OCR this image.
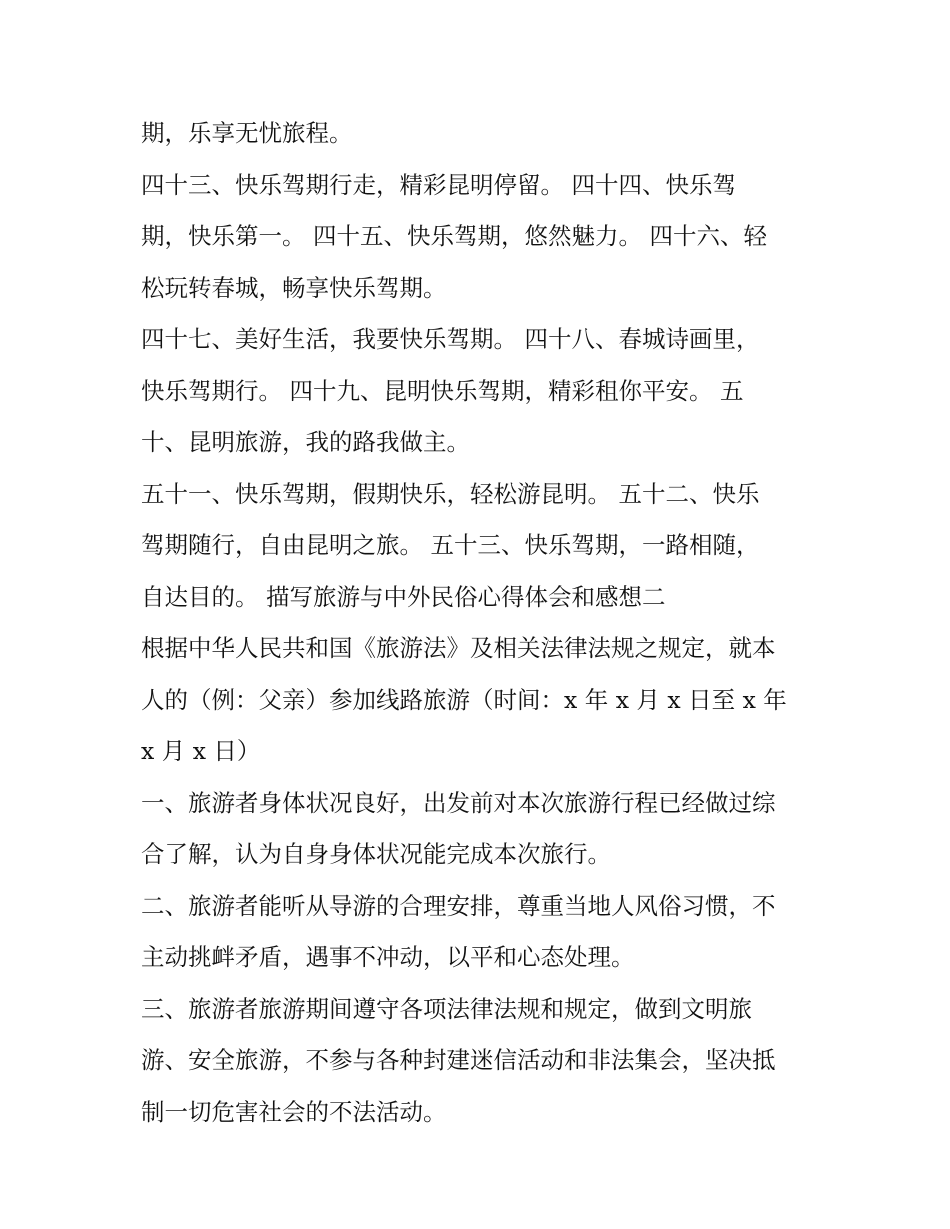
期，乐享无忧旅程。
四十三、快乐驾期行走，精彩昆明停留。 四十四、快乐驾
期，快乐第一。 四十五、快乐驾期，悠然魅力。 四十六、轻
松玩转春城，畅享快乐驾期。
四十七、美好生活，我要快乐驾期。 四十八、春城诗画里，
快乐驾期行。 四十九、昆明快乐驾期，精彩租你平安。 五
十、昆明旅游，我的路我做主。
五十一、快乐驾期，假期快乐，轻松游昆明。 五十二、快乐
驾期随行，自由昆明之旅。 五十三、快乐驾期，一路相随，
自达目的。 描写旅游与中外民俗心得体会和感想二
根据中华人民共和国《旅游法》及相关法律法规之规定，就本
人的（例：父亲）参加线路旅游（时间：x 年 x 月 x 日至 x 年
x 月 x 日）
一、旅游者身体状况良好，出发前对本次旅游行程已经做过综
合了解，认为自身身体状况能完成本次旅行。
二、旅游者能听从导游的合理安排，尊重当地人风俗习惯，不
主动挑衅矛盾，遇事不冲动，以平和心态处理。
三、旅游者旅游期间遵守各项法律法规和规定，做到文明旅
游、安全旅游，不参与各种封建迷信活动和非法集会，坚决抵
制一切危害社会的不法活动。
